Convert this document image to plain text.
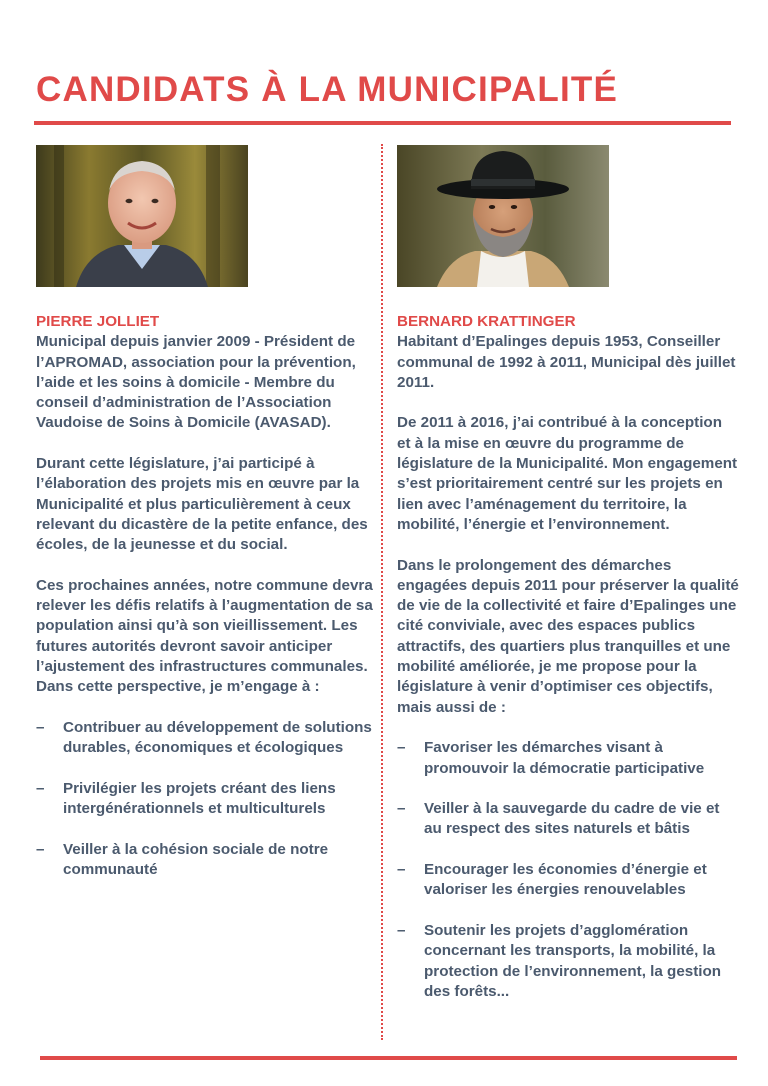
CANDIDATS À LA MUNICIPALITÉ
PIERRE JOLLIET

Municipal depuis janvier 2009 - Président de l’APROMAD, association pour la prévention, l’aide et les soins à domicile - Membre du conseil d’administration de l’Association Vaudoise de Soins à Domicile (AVASAD).

Durant cette législature, j’ai participé à l’élaboration des projets mis en œuvre par la Municipalité et plus particulièrement à ceux relevant du dicastère de la petite enfance, des écoles, de la jeunesse et du social.

Ces prochaines années, notre commune devra relever les défis relatifs à l’augmentation de sa population ainsi qu’à son vieillissement. Les futures autorités devront savoir anticiper l’ajustement des infrastructures communales. Dans cette perspective, je m’engage à :

– Contribuer au développement de solutions durables, économiques et écologiques
– Privilégier les projets créant des liens intergénérationnels et multiculturels
– Veiller à la cohésion sociale de notre communauté
BERNARD KRATTINGER

Habitant d’Epalinges depuis 1953, Conseiller communal de 1992 à 2011, Municipal dès juillet 2011.

De 2011 à 2016, j’ai contribué à la conception et à la mise en œuvre du programme de législature de la Municipalité. Mon engagement s’est prioritairement centré sur les projets en lien avec l’aménagement du territoire, la mobilité, l’énergie et l’environnement.

Dans le prolongement des démarches engagées depuis 2011 pour préserver la qualité de vie de la collectivité et faire d’Epalinges une cité conviviale, avec des espaces publics attractifs, des quartiers plus tranquilles et une mobilité améliorée, je me propose pour la législature à venir d’optimiser ces objectifs, mais aussi de :

– Favoriser les démarches visant à promouvoir la démocratie participative
– Veiller à la sauvegarde du cadre de vie et au respect des sites naturels et bâtis
– Encourager les économies d’énergie et valoriser les énergies renouvelables
– Soutenir les projets d’agglomération concernant les transports, la mobilité, la protection de l’environnement, la gestion des forêts...
